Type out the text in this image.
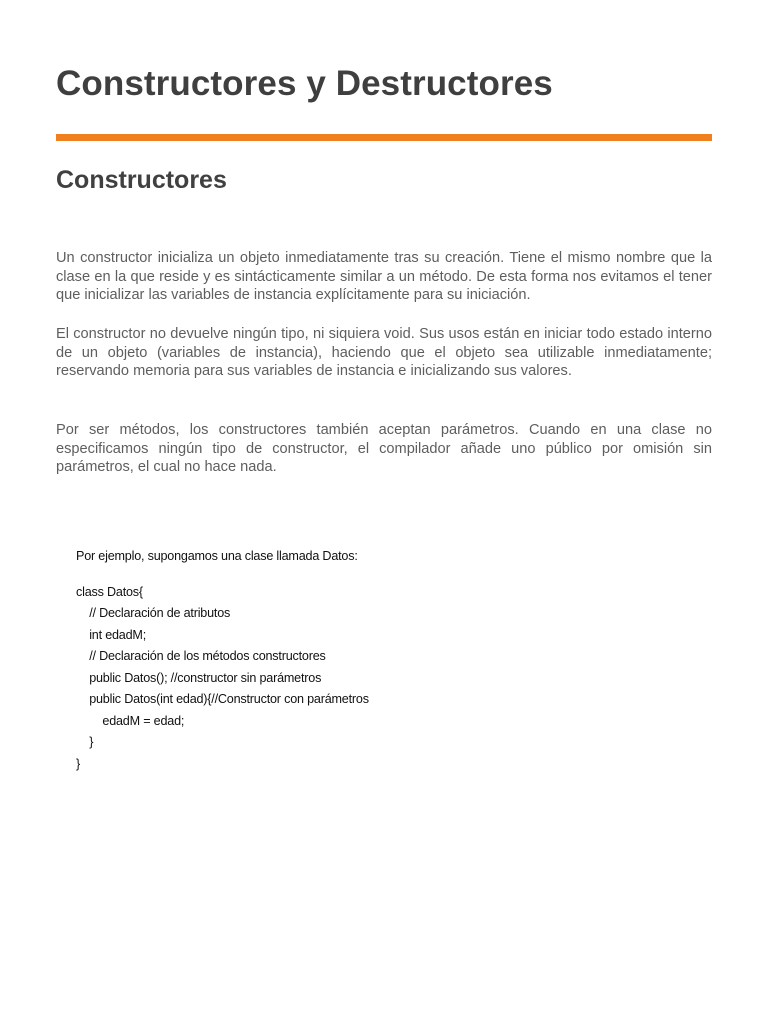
Constructores y Destructores
Constructores

Un constructor inicializa un objeto inmediatamente tras su creación. Tiene el mismo nombre que la clase en la que reside y es sintácticamente similar a un método. De esta forma nos evitamos el tener que inicializar las variables de instancia explícitamente para su iniciación.

El constructor no devuelve ningún tipo, ni siquiera void. Sus usos están en iniciar todo estado interno de un objeto (variables de instancia), haciendo que el objeto sea utilizable inmediatamente; reservando memoria para sus variables de instancia e inicializando sus valores.

Por ser métodos, los constructores también aceptan parámetros. Cuando en una clase no especificamos ningún tipo de constructor, el compilador añade uno público por omisión sin parámetros, el cual no hace nada.

Por ejemplo, supongamos una clase llamada Datos:
class Datos{
// Declaración de atributos
int edadM;
// Declaración de los métodos constructores
public Datos(); //constructor sin parámetros
public Datos(int edad){//Constructor con parámetros
edadM = edad;
}
}
